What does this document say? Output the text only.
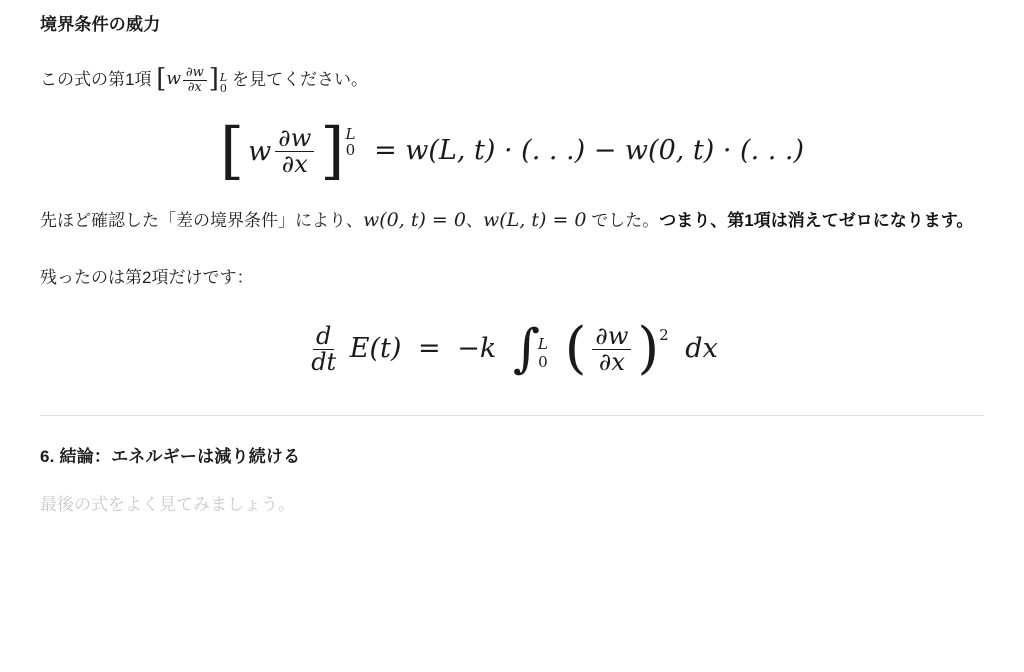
境界条件の威力

この式の第1項 [ w $\frac{\partial w}{\partial x}$ ] L
0 を見てください。

[ w $\frac{\partial w}{\partial x}$ ] L
0 = w(L, t) · (. . .) − w(0, t) · (. . .)

先ほど確認した「差の境界条件」により、w(0, t) = 0、w(L, t) = 0 でした。つまり、第1項は消えてゼロになります。

残ったのは第2項だけです：

$\frac{d}{dt} E(t) = -k$ ∫
L
0
( $\frac{\partial w}{\partial x}$ ) 2 dx
6. 結論：エネルギーは減り続ける

最後の式をよく見てみましょう。
